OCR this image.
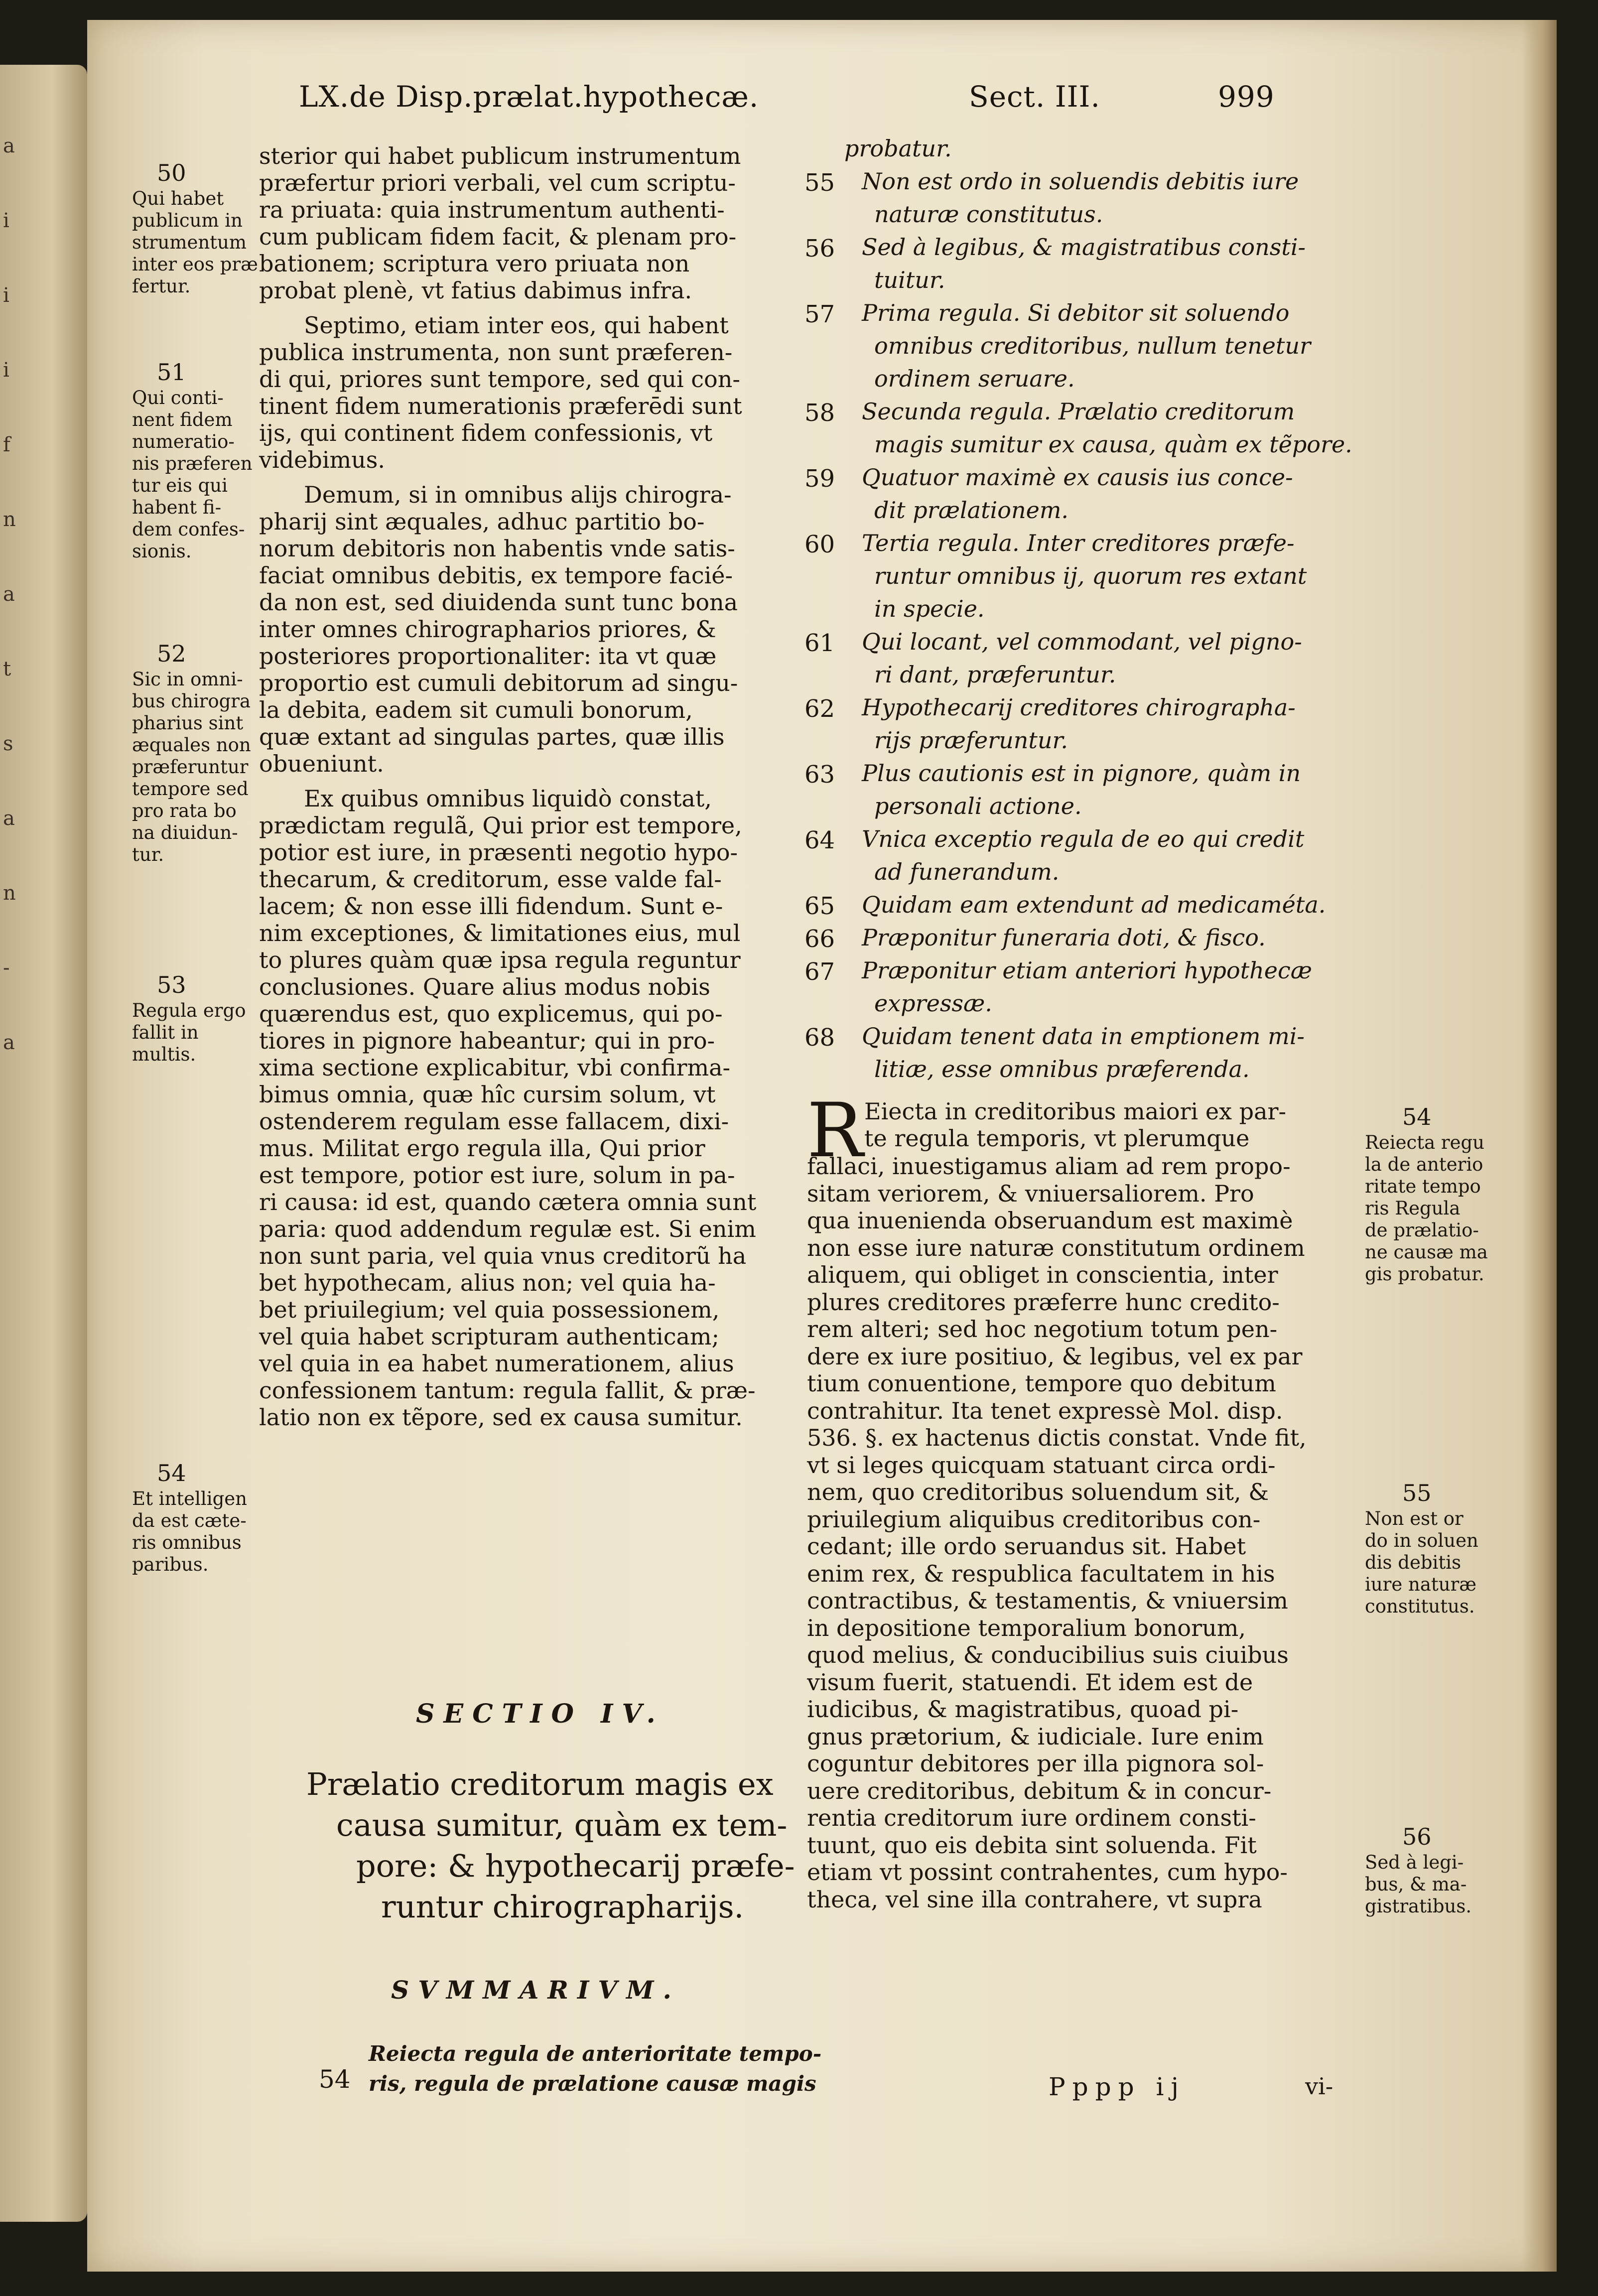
a
i
i
i
f
n
a
t
s
a
n
-
a
LX.de Disp.prælat.hypothecæ.	Sect. III.	999
sterior qui habet publicum instrumentum
præfertur priori verbali, vel cum scriptu-
ra priuata: quia instrumentum authenti-
cum publicam fidem facit, & plenam pro-
bationem; scriptura vero priuata non
probat plenè, vt fatius dabimus infra.
Septimo, etiam inter eos, qui habent
publica instrumenta, non sunt præferen-
di qui, priores sunt tempore, sed qui con-
tinent fidem numerationis præferēdi sunt
ijs, qui continent fidem confessionis, vt
videbimus.
Demum, si in omnibus alijs chirogra-
pharij sint æquales, adhuc partitio bo-
norum debitoris non habentis vnde satis-
faciat omnibus debitis, ex tempore facié-
da non est, sed diuidenda sunt tunc bona
inter omnes chirographarios priores, &
posteriores proportionaliter: ita vt quæ
proportio est cumuli debitorum ad singu-
la debita, eadem sit cumuli bonorum,
quæ extant ad singulas partes, quæ illis
obueniunt.
Ex quibus omnibus liquidò constat,
prædictam regulã, Qui prior est tempore,
potior est iure, in præsenti negotio hypo-
thecarum, & creditorum, esse valde fal-
lacem; & non esse illi fidendum. Sunt e-
nim exceptiones, & limitationes eius, mul
to plures quàm quæ ipsa regula reguntur
conclusiones. Quare alius modus nobis
quærendus est, quo explicemus, qui po-
tiores in pignore habeantur; qui in pro-
xima sectione explicabitur, vbi confirma-
bimus omnia, quæ hîc cursim solum, vt
ostenderem regulam esse fallacem, dixi-
mus. Militat ergo regula illa, Qui prior
est tempore, potior est iure, solum in pa-
ri causa: id est, quando cætera omnia sunt
paria: quod addendum regulæ est. Si enim
non sunt paria, vel quia vnus creditorũ ha
bet hypothecam, alius non; vel quia ha-
bet priuilegium; vel quia possessionem,
vel quia habet scripturam authenticam;
vel quia in ea habet numerationem, alius
confessionem tantum: regula fallit, & præ-
latio non ex tẽpore, sed ex causa sumitur.
SECTIO IV.
Prælatio creditorum magis ex
causa sumitur, quàm ex tem-
pore: & hypothecarij præfe-
runtur chirographarijs.
SVMMARIVM.
54
Reiecta regula de anterioritate tempo-
ris, regula de prælatione causæ magis
probatur.
55 Non est ordo in soluendis debitis iure
naturæ constitutus.
56 Sed à legibus, & magistratibus consti-
tuitur.
57 Prima regula. Si debitor sit soluendo
omnibus creditoribus, nullum tenetur
ordinem seruare.
58 Secunda regula. Prælatio creditorum
magis sumitur ex causa, quàm ex tẽpore.
59 Quatuor maximè ex causis ius conce-
dit prælationem.
60 Tertia regula. Inter creditores præfe-
runtur omnibus ij, quorum res extant
in specie.
61 Qui locant, vel commodant, vel pigno-
ri dant, præferuntur.
62 Hypothecarij creditores chirographa-
rijs præferuntur.
63 Plus cautionis est in pignore, quàm in
personali actione.
64 Vnica exceptio regula de eo qui credit
ad funerandum.
65 Quidam eam extendunt ad medicaméta.
66 Præponitur funeraria doti, & fisco.
67 Præponitur etiam anteriori hypothecæ
expressæ.
68 Quidam tenent data in emptionem mi-
litiæ, esse omnibus præferenda.
R Eiecta in creditoribus maiori ex par-
te regula temporis, vt plerumque
fallaci, inuestigamus aliam ad rem propo-
sitam veriorem, & vniuersaliorem. Pro
qua inuenienda obseruandum est maximè
non esse iure naturæ constitutum ordinem
aliquem, qui obliget in conscientia, inter
plures creditores præferre hunc credito-
rem alteri; sed hoc negotium totum pen-
dere ex iure positiuo, & legibus, vel ex par
tium conuentione, tempore quo debitum
contrahitur. Ita tenet expressè Mol. disp.
536. §. ex hactenus dictis constat. Vnde fit,
vt si leges quicquam statuant circa ordi-
nem, quo creditoribus soluendum sit, &
priuilegium aliquibus creditoribus con-
cedant; ille ordo seruandus sit. Habet
enim rex, & respublica facultatem in his
contractibus, & testamentis, & vniuersim
in depositione temporalium bonorum,
quod melius, & conducibilius suis ciuibus
visum fuerit, statuendi. Et idem est de
iudicibus, & magistratibus, quoad pi-
gnus prætorium, & iudiciale. Iure enim
coguntur debitores per illa pignora sol-
uere creditoribus, debitum & in concur-
rentia creditorum iure ordinem consti-
tuunt, quo eis debita sint soluenda. Fit
etiam vt possint contrahentes, cum hypo-
theca, vel sine illa contrahere, vt supra
Pppp ij	vi-
50
Qui habet
publicum in
strumentum
inter eos præ
fertur.
51
Qui conti-
nent fidem
numeratio-
nis præferen
tur eis qui
habent fi-
dem confes-
sionis.
52
Sic in omni-
bus chirogra
pharius sint
æquales non
præferuntur
tempore sed
pro rata bo
na diuidun-
tur.
53
Regula ergo
fallit in
multis.
54
Et intelligen
da est cæte-
ris omnibus
paribus.
54
Reiecta regu
la de anterio
ritate tempo
ris Regula
de prælatio-
ne causæ ma
gis probatur.
55
Non est or
do in soluen
dis debitis
iure naturæ
constitutus.
56
Sed à legi-
bus, & ma-
gistratibus.
